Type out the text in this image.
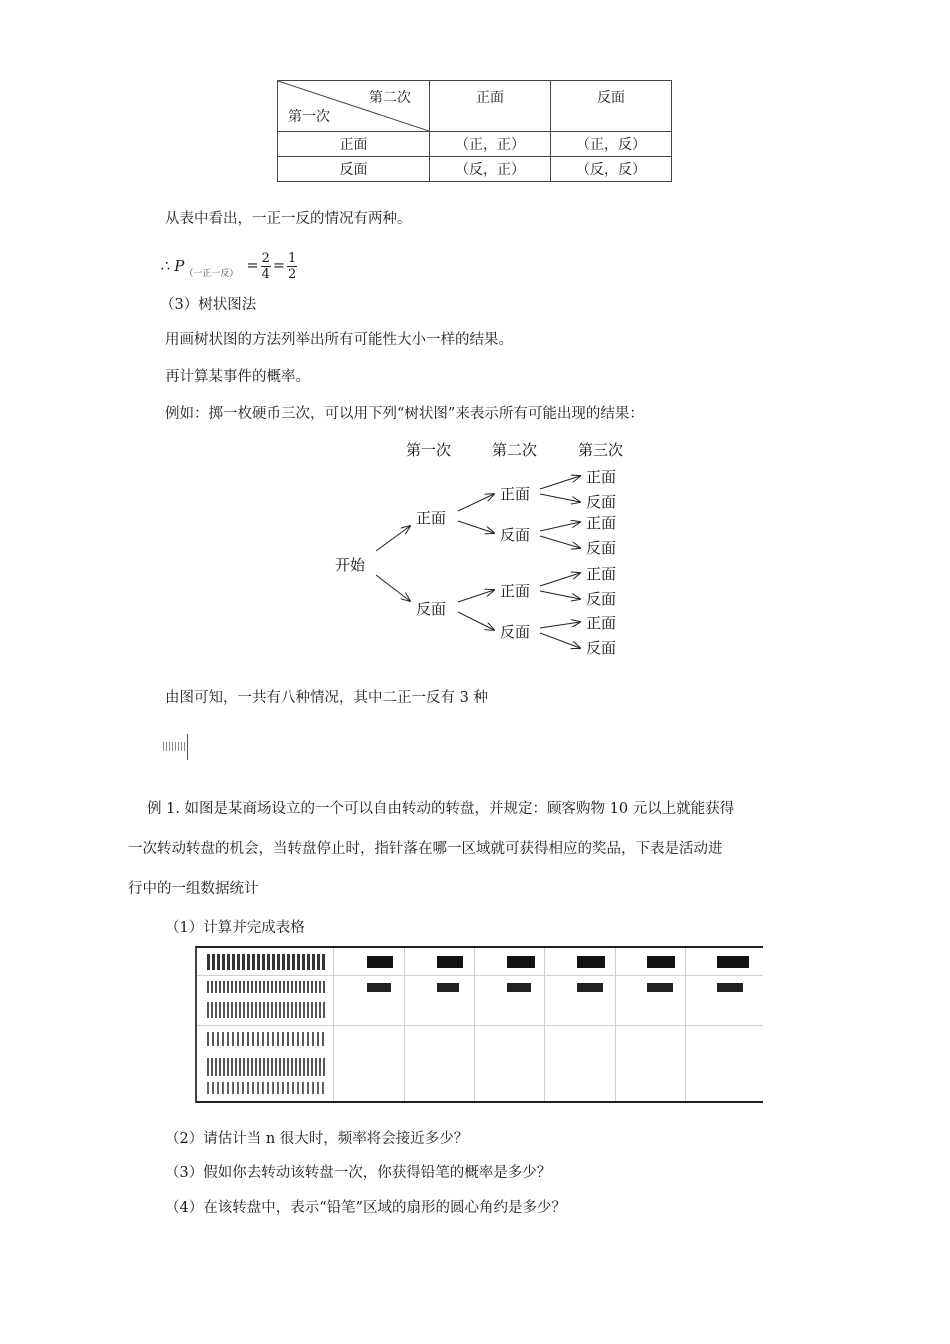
第二次
第一次	正面	反面
正面	（正，正）	（正，反）
反面	（反，正）	（反，反）
从表中看出，一正一反的情况有两种。
∴ P （一正一反） = $\frac{2}{4} = \frac{1}{2}$
（3）树状图法
用画树状图的方法列举出所有可能性大小一样的结果。
再计算某事件的概率。
例如：掷一枚硬币三次，可以用下列“树状图”来表示所有可能出现的结果：
第一次	第二次	第三次
开始
正面
反面
正面
反面
正面
反面
正面
反面
正面
反面
正面
反面
正面
反面
由图可知，一共有八种情况，其中二正一反有 3 种
例 1. 如图是某商场设立的一个可以自由转动的转盘，并规定：顾客购物 10 元以上就能获得
一次转动转盘的机会，当转盘停止时，指针落在哪一区域就可获得相应的奖品，下表是活动进
行中的一组数据统计
（1）计算并完成表格
（2）请估计当 n 很大时，频率将会接近多少？
（3）假如你去转动该转盘一次，你获得铅笔的概率是多少？
（4）在该转盘中，表示“铅笔”区域的扇形的圆心角约是多少？
